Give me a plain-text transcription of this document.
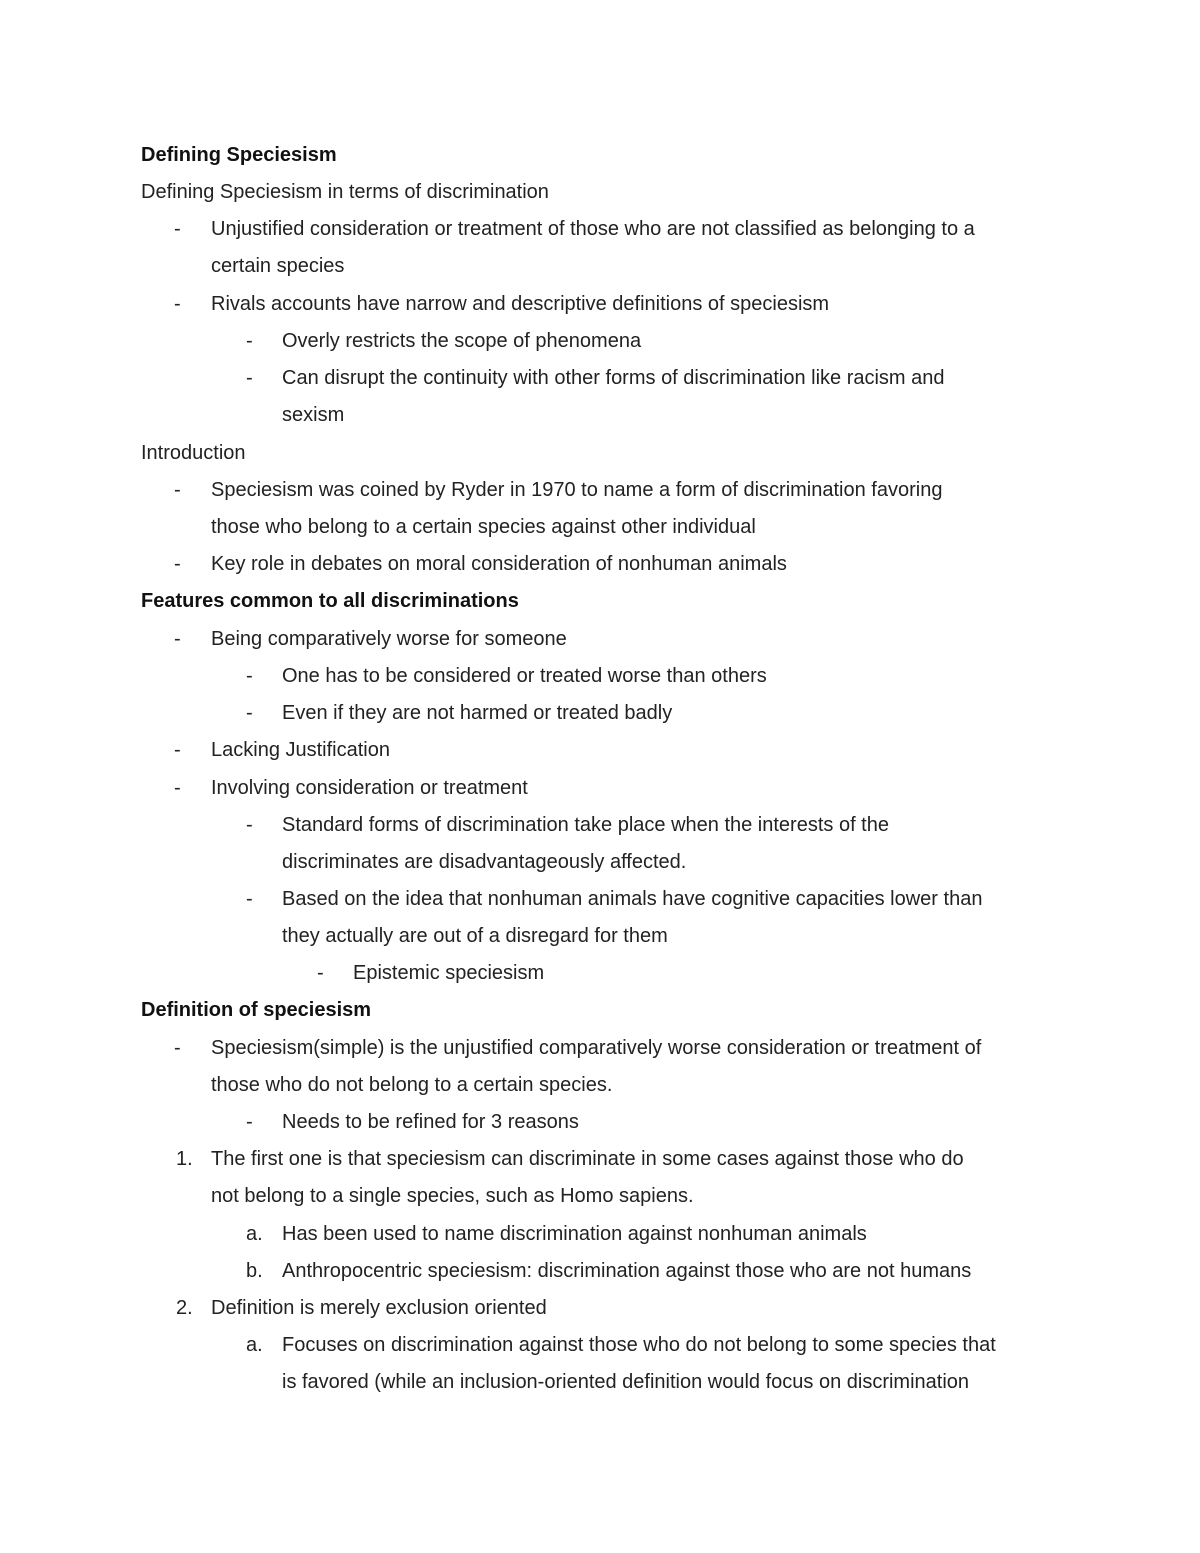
Defining Speciesism
Defining Speciesism in terms of discrimination
- Unjustified consideration or treatment of those who are not classified as belonging to a
certain species
- Rivals accounts have narrow and descriptive definitions of speciesism
- Overly restricts the scope of phenomena
- Can disrupt the continuity with other forms of discrimination like racism and
sexism
Introduction
- Speciesism was coined by Ryder in 1970 to name a form of discrimination favoring
those who belong to a certain species against other individual
- Key role in debates on moral consideration of nonhuman animals
Features common to all discriminations
- Being comparatively worse for someone
- One has to be considered or treated worse than others
- Even if they are not harmed or treated badly
- Lacking Justification
- Involving consideration or treatment
- Standard forms of discrimination take place when the interests of the
discriminates are disadvantageously affected.
- Based on the idea that nonhuman animals have cognitive capacities lower than
they actually are out of a disregard for them
- Epistemic speciesism
Definition of speciesism
- Speciesism(simple) is the unjustified comparatively worse consideration or treatment of
those who do not belong to a certain species.
- Needs to be refined for 3 reasons
1. The first one is that speciesism can discriminate in some cases against those who do
not belong to a single species, such as Homo sapiens.
a. Has been used to name discrimination against nonhuman animals
b. Anthropocentric speciesism: discrimination against those who are not humans
2. Definition is merely exclusion oriented
a. Focuses on discrimination against those who do not belong to some species that
is favored (while an inclusion-oriented definition would focus on discrimination
